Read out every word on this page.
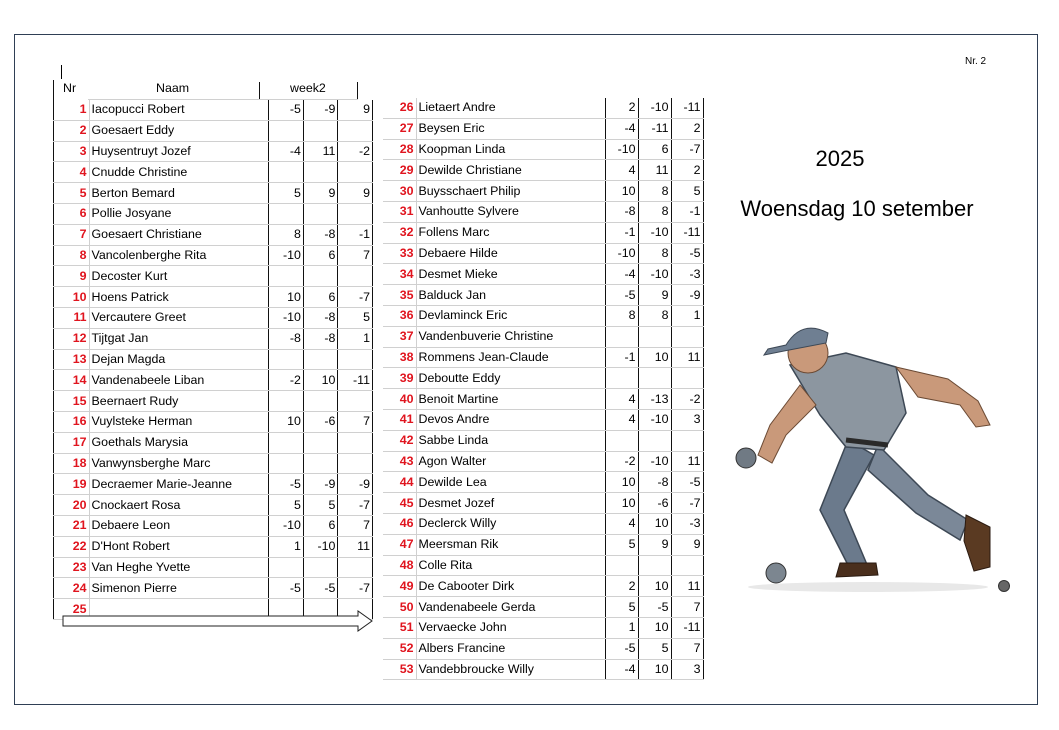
Nr. 2
Nr	Naam	week2
1	Iacopucci Robert	-5	-9	9
2	Goesaert Eddy			
3	Huysentruyt Jozef	-4	11	-2
4	Cnudde Christine			
5	Berton Bemard	5	9	9
6	Pollie Josyane			
7	Goesaert Christiane	8	-8	-1
8	Vancolenberghe Rita	-10	6	7
9	Decoster Kurt			
10	Hoens Patrick	10	6	-7
11	Vercautere Greet	-10	-8	5
12	Tijtgat Jan	-8	-8	1
13	Dejan Magda			
14	Vandenabeele Liban	-2	10	-11
15	Beernaert Rudy			
16	Vuylsteke Herman	10	-6	7
17	Goethals Marysia			
18	Vanwynsberghe Marc			
19	Decraemer Marie-Jeanne	-5	-9	-9
20	Cnockaert Rosa	5	5	-7
21	Debaere Leon	-10	6	7
22	D'Hont Robert	1	-10	11
23	Van Heghe Yvette			
24	Simenon Pierre	-5	-5	-7
25				
26	Lietaert Andre	2	-10	-11
27	Beysen Eric	-4	-11	2
28	Koopman Linda	-10	6	-7
29	Dewilde Christiane	4	11	2
30	Buysschaert Philip	10	8	5
31	Vanhoutte Sylvere	-8	8	-1
32	Follens Marc	-1	-10	-11
33	Debaere Hilde	-10	8	-5
34	Desmet Mieke	-4	-10	-3
35	Balduck Jan	-5	9	-9
36	Devlaminck Eric	8	8	1
37	Vandenbuverie Christine			
38	Rommens Jean-Claude	-1	10	11
39	Deboutte Eddy			
40	Benoit Martine	4	-13	-2
41	Devos Andre	4	-10	3
42	Sabbe Linda			
43	Agon Walter	-2	-10	11
44	Dewilde Lea	10	-8	-5
45	Desmet Jozef	10	-6	-7
46	Declerck Willy	4	10	-3
47	Meersman Rik	5	9	9
48	Colle Rita			
49	De Cabooter Dirk	2	10	11
50	Vandenabeele Gerda	5	-5	7
51	Vervaecke John	1	10	-11
52	Albers Francine	-5	5	7
53	Vandebbroucke Willy	-4	10	3
2025
Woensdag 10 setember
